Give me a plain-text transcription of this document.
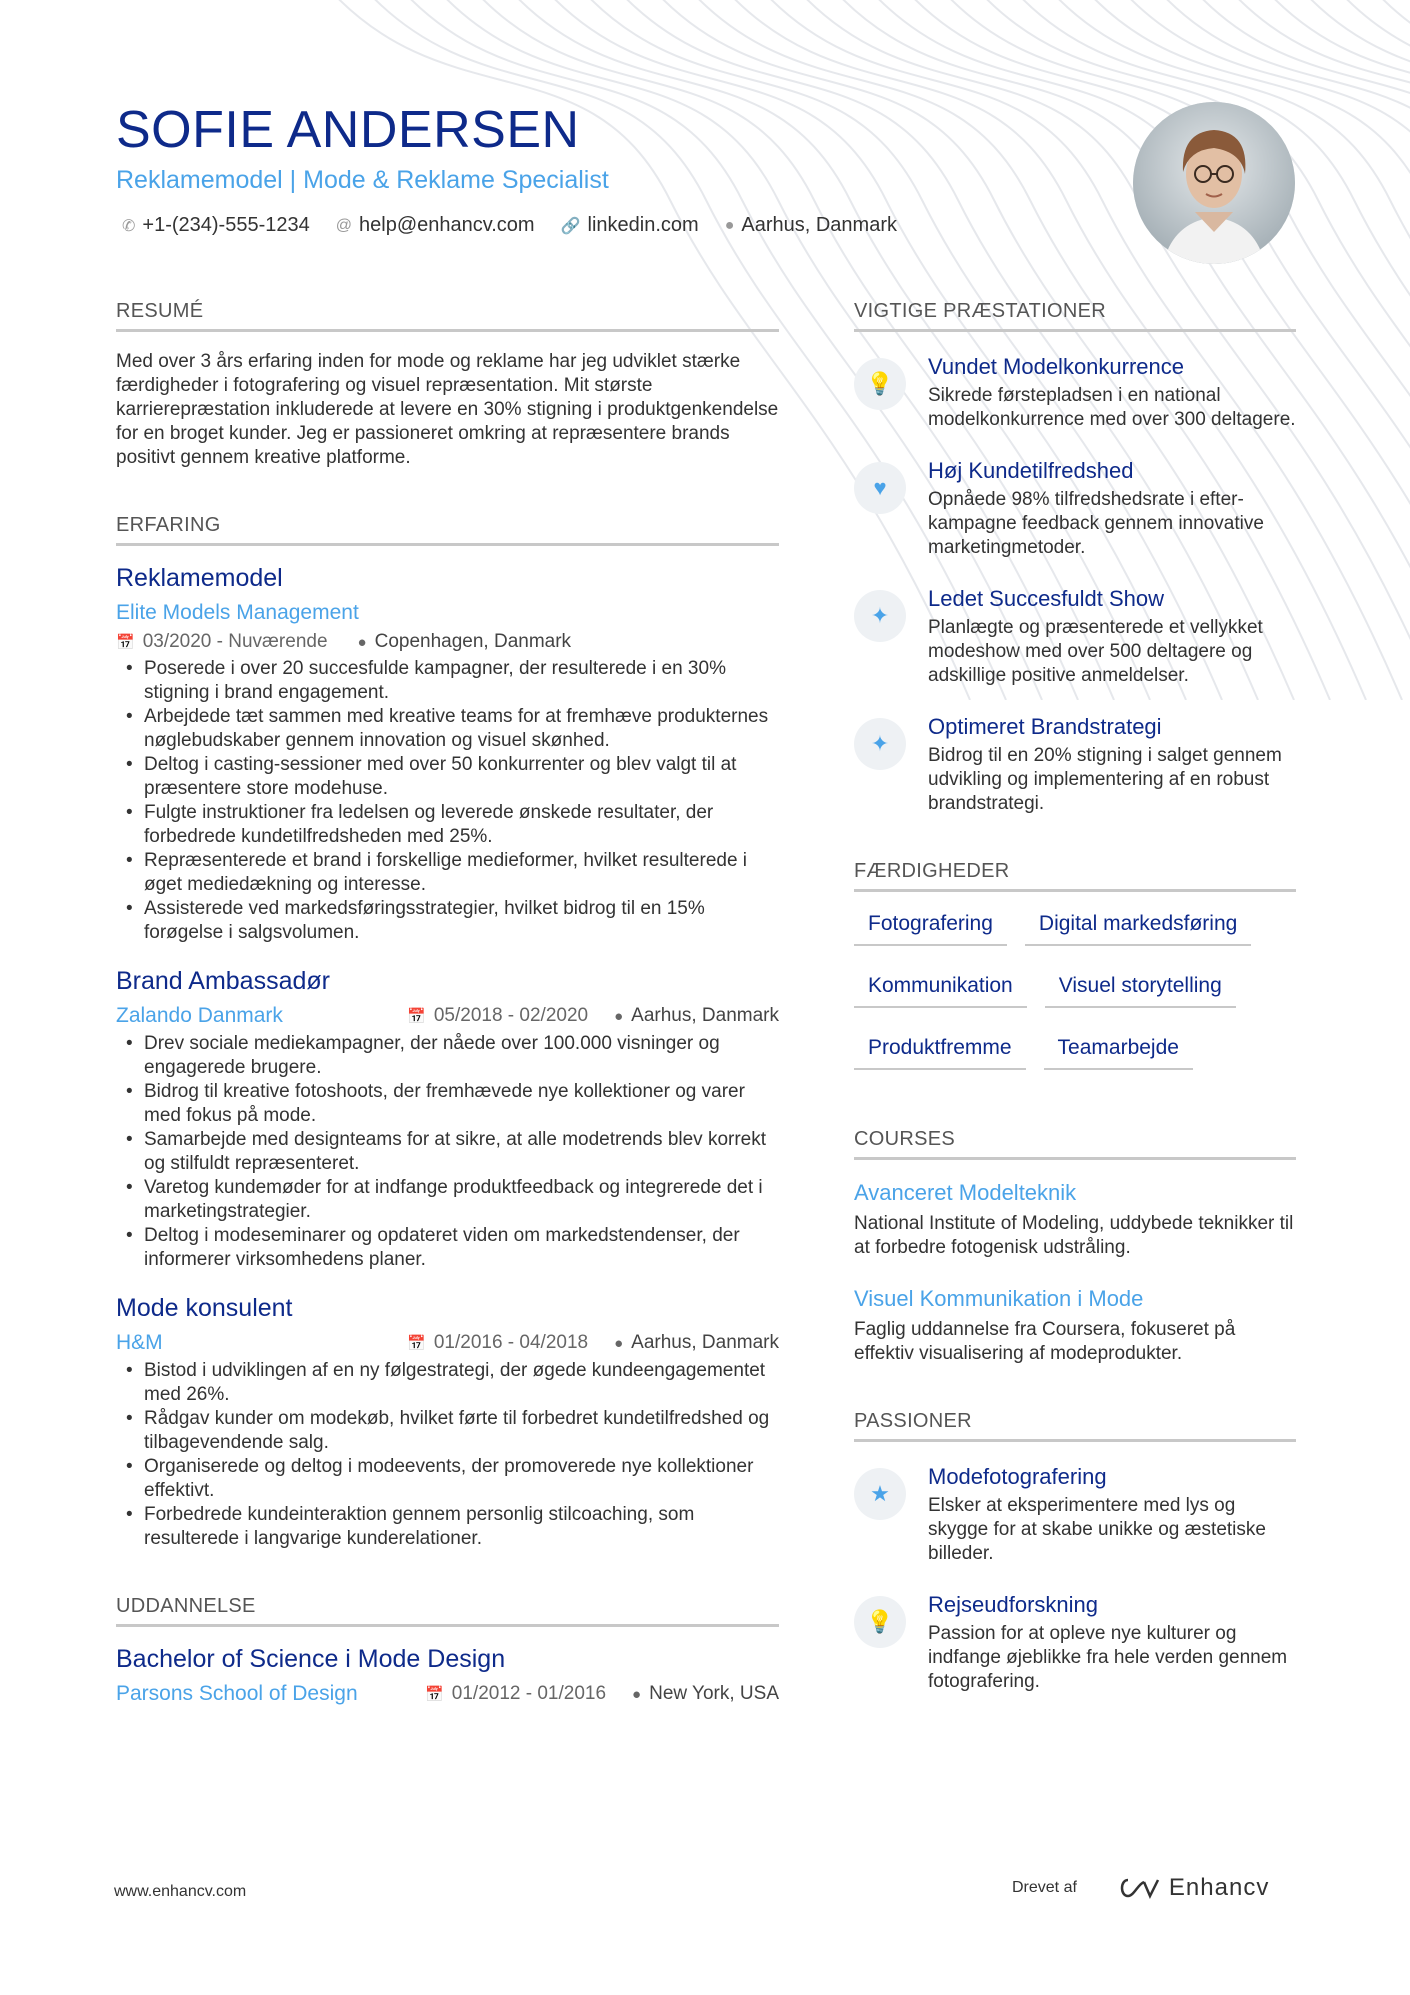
SOFIE ANDERSEN
Reklamemodel | Mode & Reklame Specialist
✆ +1-(234)-555-1234 @ help@enhancv.com 🔗 linkedin.com ● Aarhus, Danmark
RESUMÉ
Med over 3 års erfaring inden for mode og reklame har jeg udviklet stærke færdigheder i fotografering og visuel repræsentation. Mit største karrierepræstation inkluderede at levere en 30% stigning i produktgenkendelse for en broget kunder. Jeg er passioneret omkring at repræsentere brands positivt gennem kreative platforme.
ERFARING
Reklamemodel
Elite Models Management
📅 03/2020 - Nuværende ● Copenhagen, Danmark
• Poserede i over 20 succesfulde kampagner, der resulterede i en 30% stigning i brand engagement.
• Arbejdede tæt sammen med kreative teams for at fremhæve produkternes nøglebudskaber gennem innovation og visuel skønhed.
• Deltog i casting-sessioner med over 50 konkurrenter og blev valgt til at præsentere store modehuse.
• Fulgte instruktioner fra ledelsen og leverede ønskede resultater, der forbedrede kundetilfredsheden med 25%.
• Repræsenterede et brand i forskellige medieformer, hvilket resulterede i øget mediedækning og interesse.
• Assisterede ved markedsføringsstrategier, hvilket bidrog til en 15% forøgelse i salgsvolumen.
Brand Ambassadør
Zalando Danmark	📅 05/2018 - 02/2020 ● Aarhus, Danmark
• Drev sociale mediekampagner, der nåede over 100.000 visninger og engagerede brugere.
• Bidrog til kreative fotoshoots, der fremhævede nye kollektioner og varer med fokus på mode.
• Samarbejde med designteams for at sikre, at alle modetrends blev korrekt og stilfuldt repræsenteret.
• Varetog kundemøder for at indfange produktfeedback og integrerede det i marketingstrategier.
• Deltog i modeseminarer og opdateret viden om markedstendenser, der informerer virksomhedens planer.
Mode konsulent
H&M	📅 01/2016 - 04/2018 ● Aarhus, Danmark
• Bistod i udviklingen af en ny følgestrategi, der øgede kundeengagementet med 26%.
• Rådgav kunder om modekøb, hvilket førte til forbedret kundetilfredshed og tilbagevendende salg.
• Organiserede og deltog i modeevents, der promoverede nye kollektioner effektivt.
• Forbedrede kundeinteraktion gennem personlig stilcoaching, som resulterede i langvarige kunderelationer.
UDDANNELSE
Bachelor of Science i Mode Design
Parsons School of Design	📅 01/2012 - 01/2016 ● New York, USA
VIGTIGE PRÆSTATIONER
💡
Vundet Modelkonkurrence
Sikrede førstepladsen i en national modelkonkurrence med over 300 deltagere.
♥
Høj Kundetilfredshed
Opnåede 98% tilfredshedsrate i efter-kampagne feedback gennem innovative marketingmetoder.
✦
Ledet Succesfuldt Show
Planlægte og præsenterede et vellykket modeshow med over 500 deltagere og adskillige positive anmeldelser.
✦
Optimeret Brandstrategi
Bidrog til en 20% stigning i salget gennem udvikling og implementering af en robust brandstrategi.
FÆRDIGHEDER
Fotografering	Digital markedsføring
Kommunikation	Visuel storytelling
Produktfremme	Teamarbejde
COURSES
Avanceret Modelteknik
National Institute of Modeling, uddybede teknikker til at forbedre fotogenisk udstråling.
Visuel Kommunikation i Mode
Faglig uddannelse fra Coursera, fokuseret på effektiv visualisering af modeprodukter.
PASSIONER
★
Modefotografering
Elsker at eksperimentere med lys og skygge for at skabe unikke og æstetiske billeder.
💡
Rejseudforskning
Passion for at opleve nye kulturer og indfange øjeblikke fra hele verden gennem fotografering.
www.enhancv.com	Drevet af	Enhancv
